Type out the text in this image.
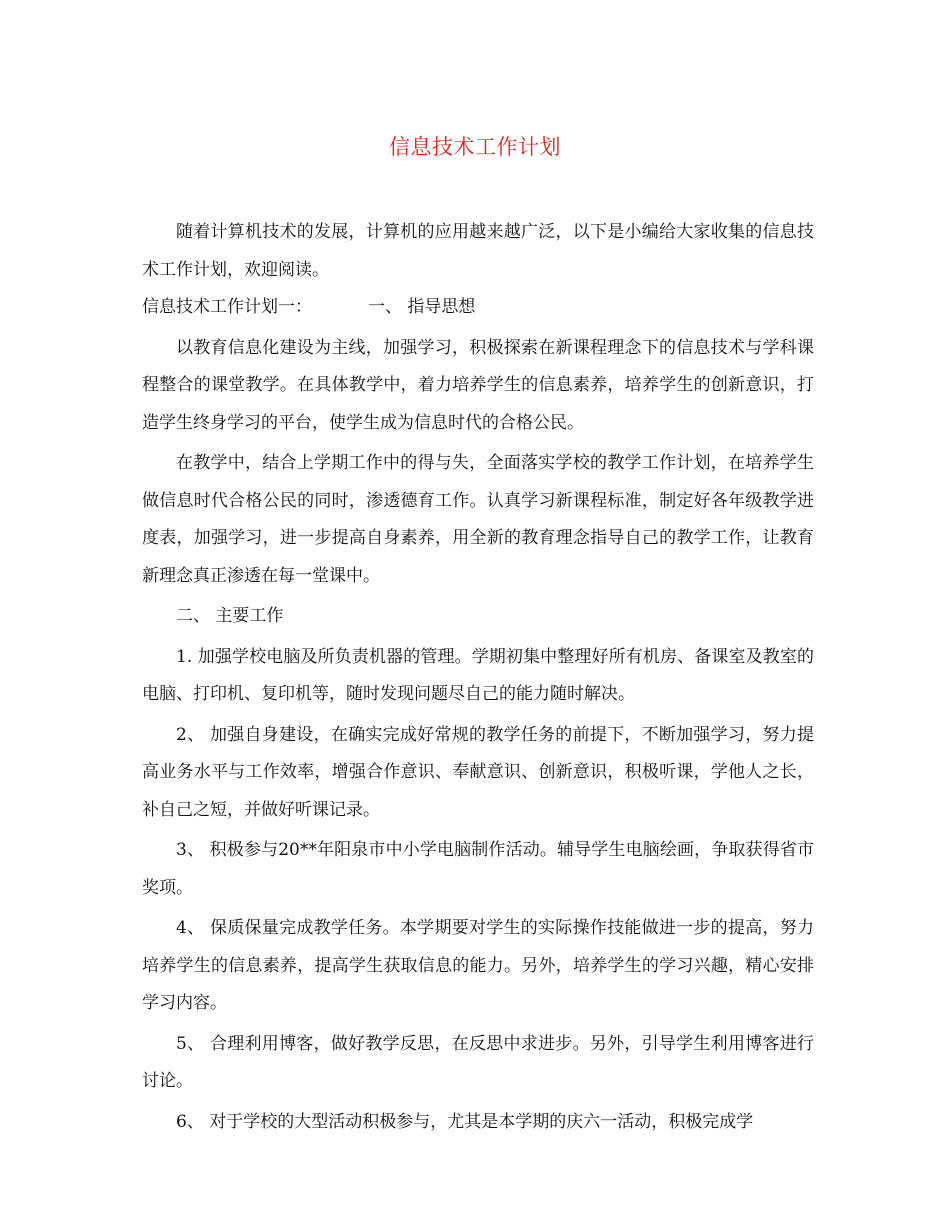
信息技术工作计划

随着计算机技术的发展，计算机的应用越来越广泛，以下是小编给大家收集的信息技术工作计划，欢迎阅读。

信息技术工作计划一：	一、 指导思想

以教育信息化建设为主线，加强学习，积极探索在新课程理念下的信息技术与学科课程整合的课堂教学。在具体教学中，着力培养学生的信息素养，培养学生的创新意识，打造学生终身学习的平台，使学生成为信息时代的合格公民。

在教学中，结合上学期工作中的得与失，全面落实学校的教学工作计划，在培养学生做信息时代合格公民的同时，渗透德育工作。认真学习新课程标准，制定好各年级教学进度表，加强学习，进一步提高自身素养，用全新的教育理念指导自己的教学工作，让教育新理念真正渗透在每一堂课中。

二、 主要工作

1. 加强学校电脑及所负责机器的管理。学期初集中整理好所有机房、备课室及教室的电脑、打印机、复印机等，随时发现问题尽自己的能力随时解决。

2、 加强自身建设，在确实完成好常规的教学任务的前提下，不断加强学习，努力提高业务水平与工作效率，增强合作意识、奉献意识、创新意识，积极听课，学他人之长，补自己之短，并做好听课记录。

3、 积极参与20**年阳泉市中小学电脑制作活动。辅导学生电脑绘画，争取获得省市奖项。

4、 保质保量完成教学任务。本学期要对学生的实际操作技能做进一步的提高，努力培养学生的信息素养，提高学生获取信息的能力。另外，培养学生的学习兴趣，精心安排学习内容。

5、 合理利用博客，做好教学反思，在反思中求进步。另外，引导学生利用博客进行讨论。

6、 对于学校的大型活动积极参与，尤其是本学期的庆六一活动，积极完成学
